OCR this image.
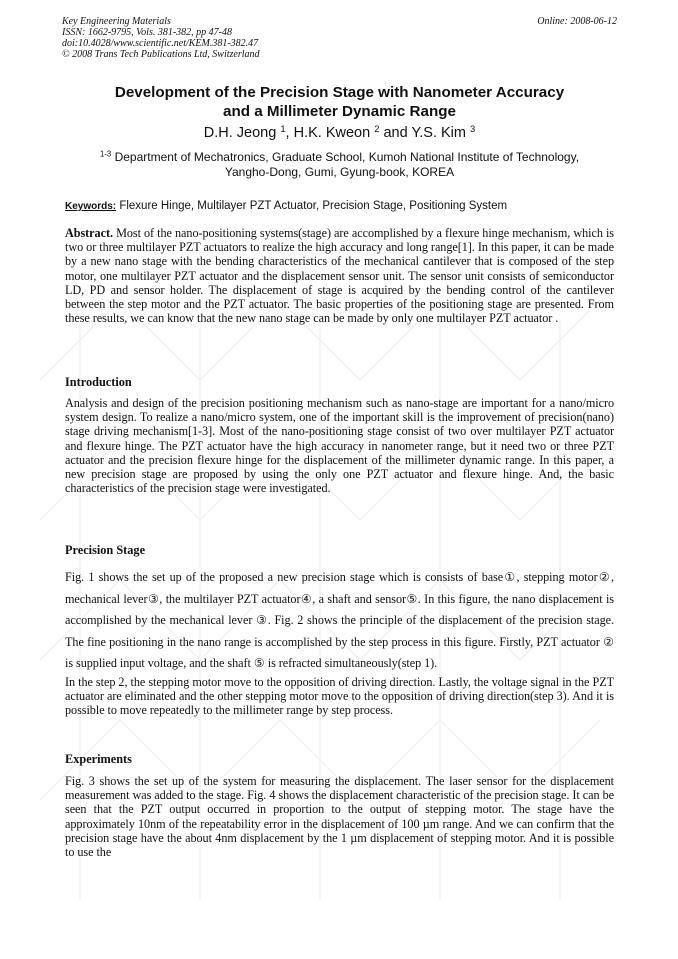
Key Engineering Materials
ISSN: 1662-9795, Vols. 381-382, pp 47-48
doi:10.4028/www.scientific.net/KEM.381-382.47
© 2008 Trans Tech Publications Ltd, Switzerland
Online: 2008-06-12
Development of the Precision Stage with Nanometer Accuracy
and a Millimeter Dynamic Range
D.H. Jeong $^1$, H.K. Kweon $^2$ and Y.S. Kim $^3$
$^{1-3}$ Department of Mechatronics, Graduate School, Kumoh National Institute of Technology,
Yangho-Dong, Gumi, Gyung-book, KOREA
Keywords: Flexure Hinge, Multilayer PZT Actuator, Precision Stage, Positioning System

Abstract. Most of the nano-positioning systems(stage) are accomplished by a flexure hinge mechanism, which is two or three multilayer PZT actuators to realize the high accuracy and long range[1]. In this paper, it can be made by a new nano stage with the bending characteristics of the mechanical cantilever that is composed of the step motor, one multilayer PZT actuator and the displacement sensor unit. The sensor unit consists of semiconductor LD, PD and sensor holder. The displacement of stage is acquired by the bending control of the cantilever between the step motor and the PZT actuator. The basic properties of the positioning stage are presented. From these results, we can know that the new nano stage can be made by only one multilayer PZT actuator .

Introduction

Analysis and design of the precision positioning mechanism such as nano-stage are important for a nano/micro system design. To realize a nano/micro system, one of the important skill is the improvement of precision(nano) stage driving mechanism[1-3]. Most of the nano-positioning stage consist of two over multilayer PZT actuator and flexure hinge. The PZT actuator have the high accuracy in nanometer range, but it need two or three PZT actuator and the precision flexure hinge for the displacement of the millimeter dynamic range. In this paper, a new precision stage are proposed by using the only one PZT actuator and flexure hinge. And, the basic characteristics of the precision stage were investigated.

Precision Stage

Fig. 1 shows the set up of the proposed a new precision stage which is consists of base①, stepping motor②, mechanical lever③, the multilayer PZT actuator④, a shaft and sensor⑤. In this figure, the nano displacement is accomplished by the mechanical lever ③. Fig. 2 shows the principle of the displacement of the precision stage. The fine positioning in the nano range is accomplished by the step process in this figure. Firstly, PZT actuator ② is supplied input voltage, and the shaft ⑤ is refracted simultaneously(step 1).

In the step 2, the stepping motor move to the opposition of driving direction. Lastly, the voltage signal in the PZT actuator are eliminated and the other stepping motor move to the opposition of driving direction(step 3). And it is possible to move repeatedly to the millimeter range by step process.

Experiments

Fig. 3 shows the set up of the system for measuring the displacement. The laser sensor for the displacement measurement was added to the stage. Fig. 4 shows the displacement characteristic of the precision stage. It can be seen that the PZT output occurred in proportion to the output of stepping motor. The stage have the approximately 10nm of the repeatability error in the displacement of 100 µm range. And we can confirm that the precision stage have the about 4nm displacement by the 1 µm displacement of stepping motor. And it is possible to use the
